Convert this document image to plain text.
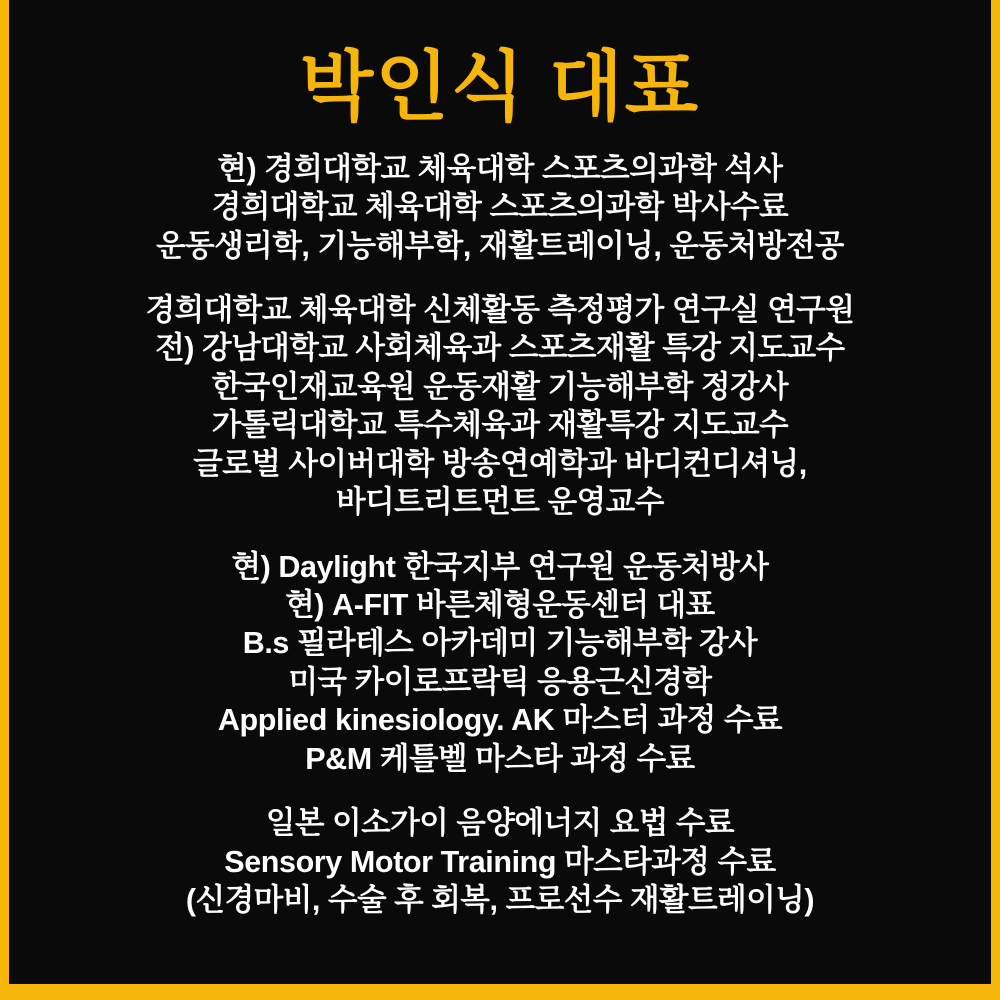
박인식 대표
현) 경희대학교 체육대학 스포츠의과학 석사
경희대학교 체육대학 스포츠의과학 박사수료
운동생리학, 기능해부학, 재활트레이닝, 운동처방전공
경희대학교 체육대학 신체활동 측정평가 연구실 연구원
전) 강남대학교 사회체육과 스포츠재활 특강 지도교수
한국인재교육원 운동재활 기능해부학 정강사
가톨릭대학교 특수체육과 재활특강 지도교수
글로벌 사이버대학 방송연예학과 바디컨디셔닝,
바디트리트먼트 운영교수
현) Daylight 한국지부 연구원 운동처방사
현) A-FIT 바른체형운동센터 대표
B.s 필라테스 아카데미 기능해부학 강사
미국 카이로프락틱 응용근신경학
Applied kinesiology. AK 마스터 과정 수료
P&M 케틀벨 마스타 과정 수료
일본 이소가이 음양에너지 요법 수료
Sensory Motor Training 마스타과정 수료
(신경마비, 수술 후 회복, 프로선수 재활트레이닝)
